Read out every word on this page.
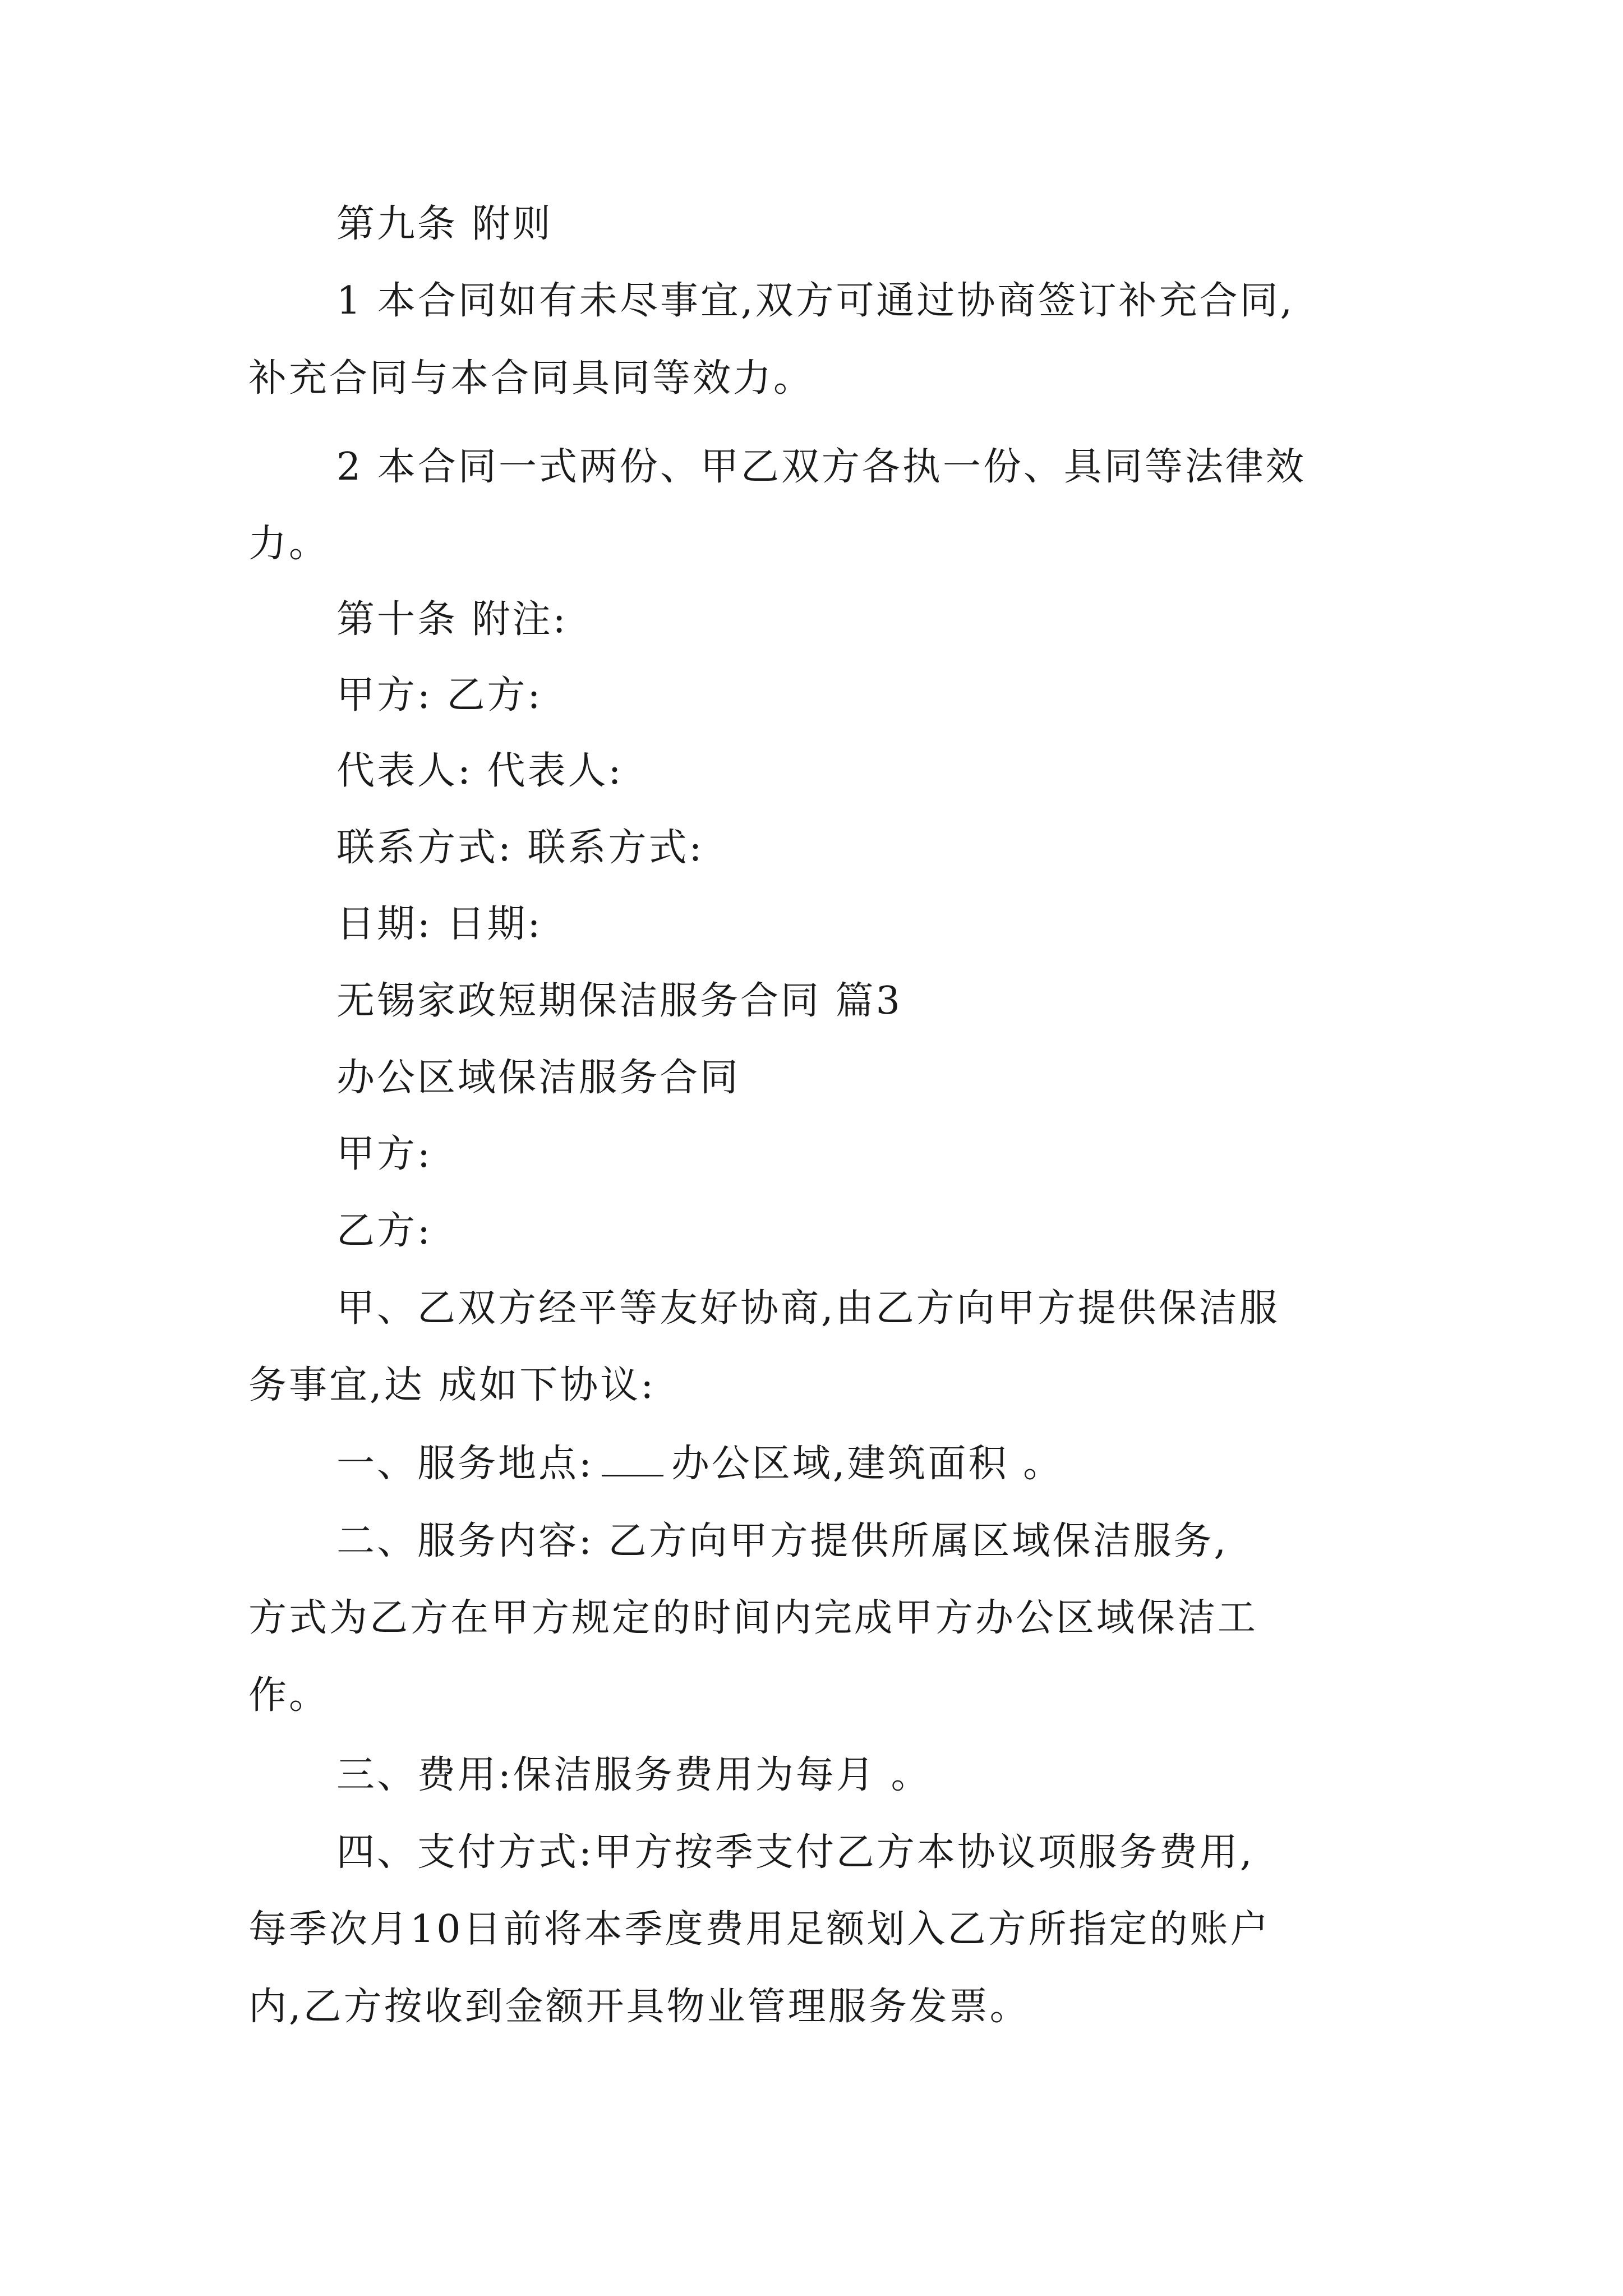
第九条 附则
1 本合同如有未尽事宜,双方可通过协商签订补充合同,
补充合同与本合同具同等效力。
2 本合同一式两份、甲乙双方各执一份、具同等法律效
力。
第十条 附注:
甲方: 乙方:
代表人: 代表人:
联系方式: 联系方式:
日期: 日期:
无锡家政短期保洁服务合同 篇3
办公区域保洁服务合同
甲方:
乙方:
甲、乙双方经平等友好协商,由乙方向甲方提供保洁服
务事宜,达 成如下协议:
一、服务地点: 办公区域,建筑面积 。
二、服务内容: 乙方向甲方提供所属区域保洁服务,
方式为乙方在甲方规定的时间内完成甲方办公区域保洁工
作。
三、费用:保洁服务费用为每月 。
四、支付方式:甲方按季支付乙方本协议项服务费用,
每季次月10日前将本季度费用足额划入乙方所指定的账户
内,乙方按收到金额开具物业管理服务发票。
